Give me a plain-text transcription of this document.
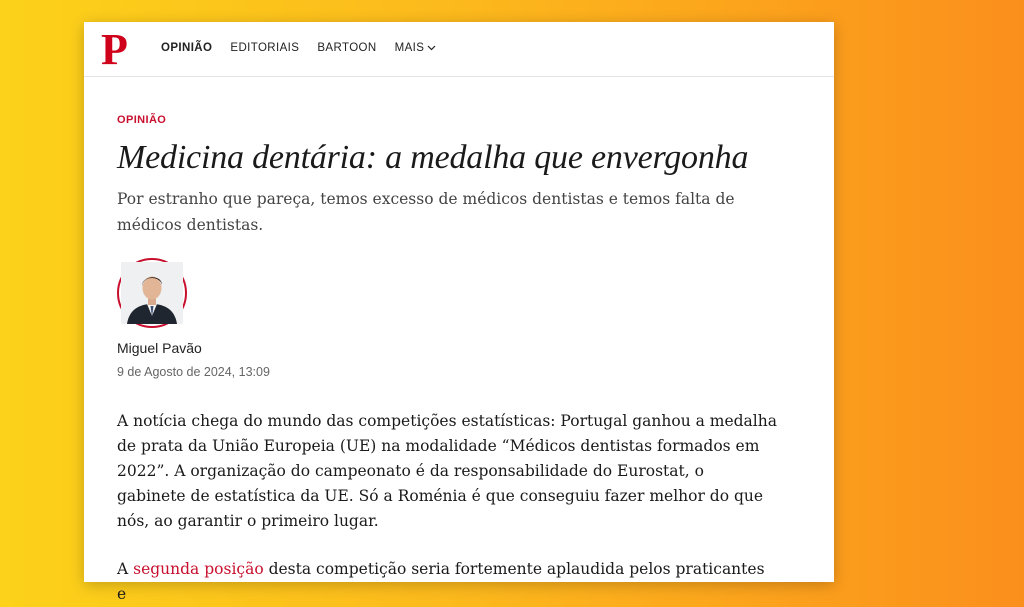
P	OPINIÃO EDITORIAIS BARTOON MAIS
OPINIÃO
Medicina dentária: a medalha que envergonha
Por estranho que pareça, temos excesso de médicos dentistas e temos falta de médicos dentistas.
Miguel Pavão
9 de Agosto de 2024, 13:09

A notícia chega do mundo das competições estatísticas: Portugal ganhou a medalha de prata da União Europeia (UE) na modalidade “Médicos dentistas formados em 2022”. A organização do campeonato é da responsabilidade do Eurostat, o gabinete de estatística da UE. Só a Roménia é que conseguiu fazer melhor do que nós, ao garantir o primeiro lugar.

A segunda posição desta competição seria fortemente aplaudida pelos praticantes e
